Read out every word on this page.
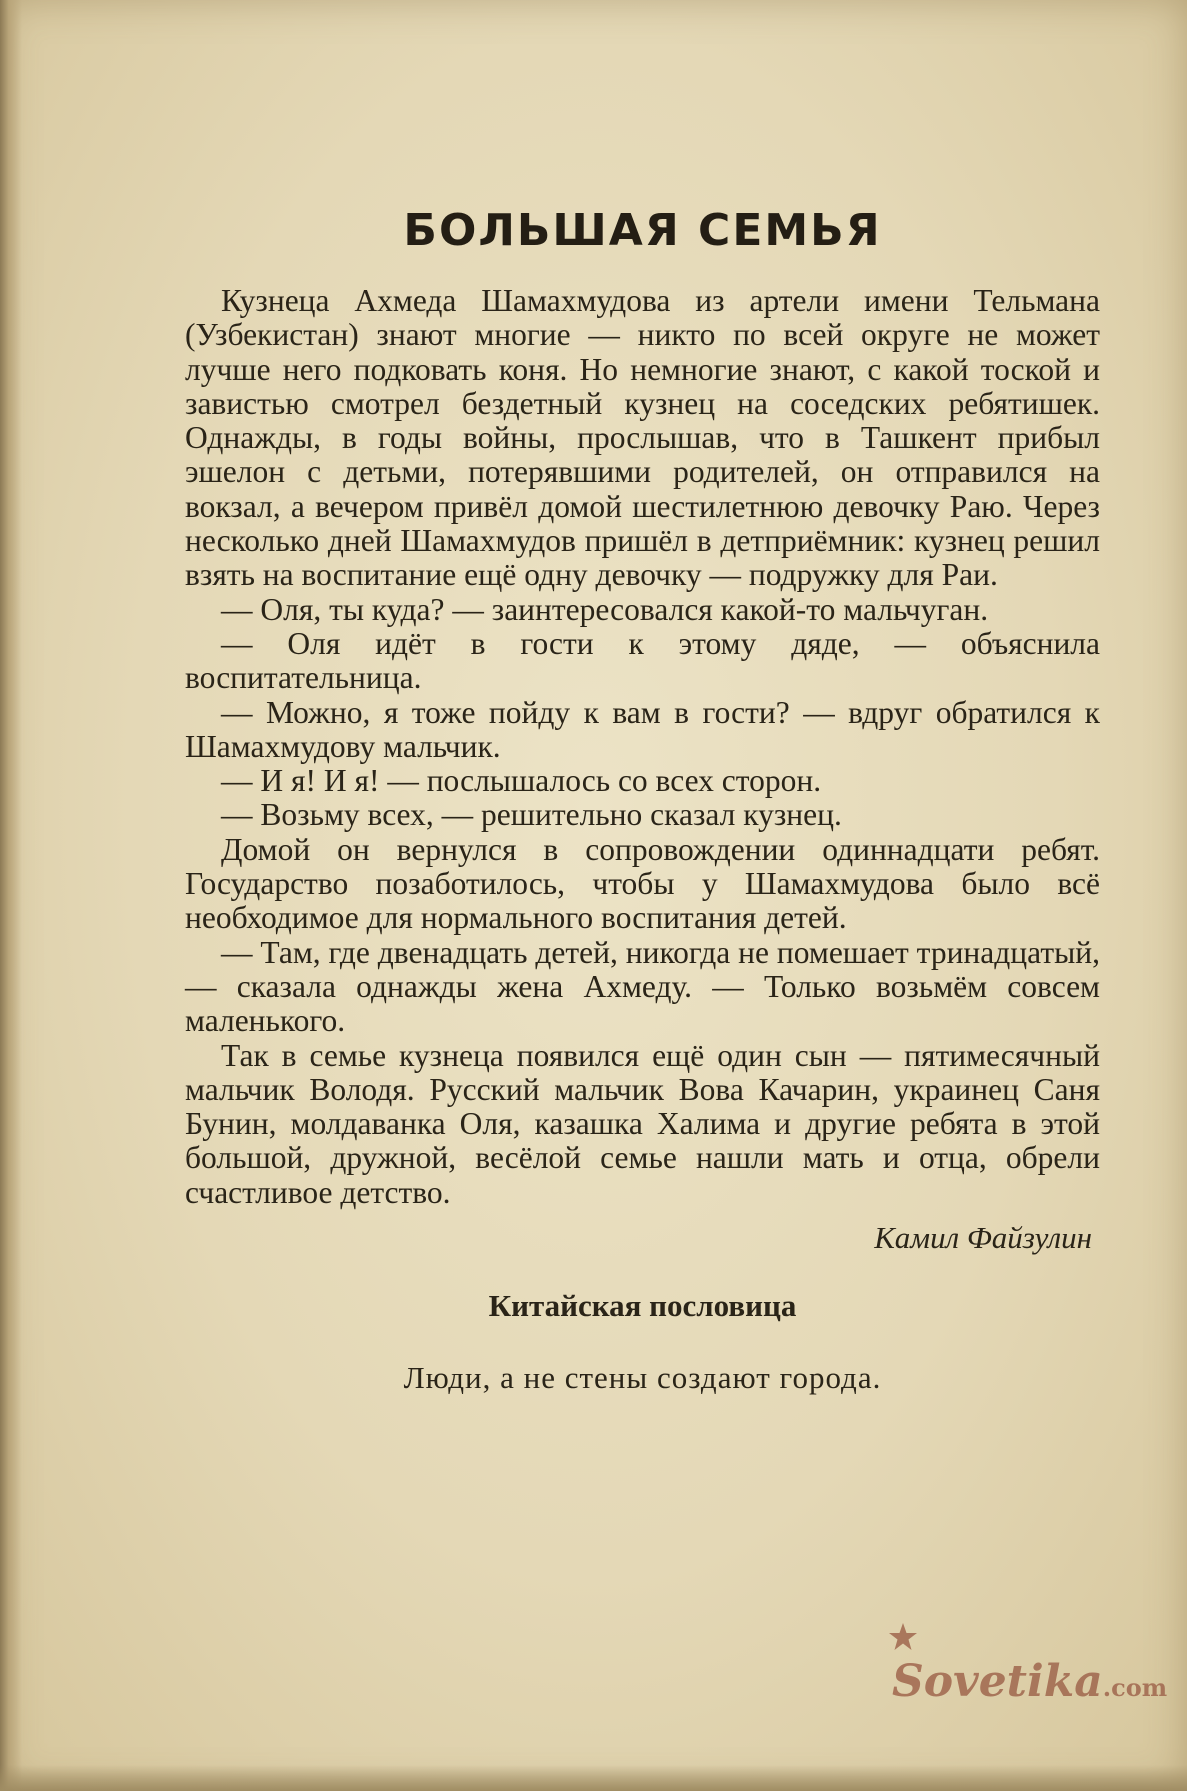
БОЛЬШАЯ СЕМЬЯ

Кузнеца Ахмеда Шамахмудова из артели имени Тельмана (Узбекистан) знают многие — никто по всей округе не может лучше него подковать коня. Но немногие знают, с какой тоской и завистью смотрел бездетный кузнец на соседских ребятишек. Однажды, в годы войны, прослышав, что в Ташкент прибыл эшелон с детьми, потерявшими родителей, он отправился на вокзал, а вечером привёл домой шестилетнюю девочку Раю. Через несколько дней Шамахмудов пришёл в детприёмник: кузнец решил взять на воспитание ещё одну девочку — подружку для Раи.

— Оля, ты куда? — заинтересовался какой-то мальчуган.

— Оля идёт в гости к этому дяде, — объяснила воспитательница.

— Можно, я тоже пойду к вам в гости? — вдруг обратился к Шамахмудову мальчик.

— И я! И я! — послышалось со всех сторон.

— Возьму всех, — решительно сказал кузнец.

Домой он вернулся в сопровождении одиннадцати ребят. Государство позаботилось, чтобы у Шамахмудова было всё необходимое для нормального воспитания детей.

— Там, где двенадцать детей, никогда не помешает тринадцатый, — сказала однажды жена Ахмеду. — Только возьмём совсем маленького.

Так в семье кузнеца появился ещё один сын — пятимесячный мальчик Володя. Русский мальчик Вова Качарин, украинец Саня Бунин, молдаванка Оля, казашка Халима и другие ребята в этой большой, дружной, весёлой семье нашли мать и отца, обрели счастливое детство.

Камил Файзулин
Китайская пословица
Люди, а не стены создают города.
Sovetika.com
